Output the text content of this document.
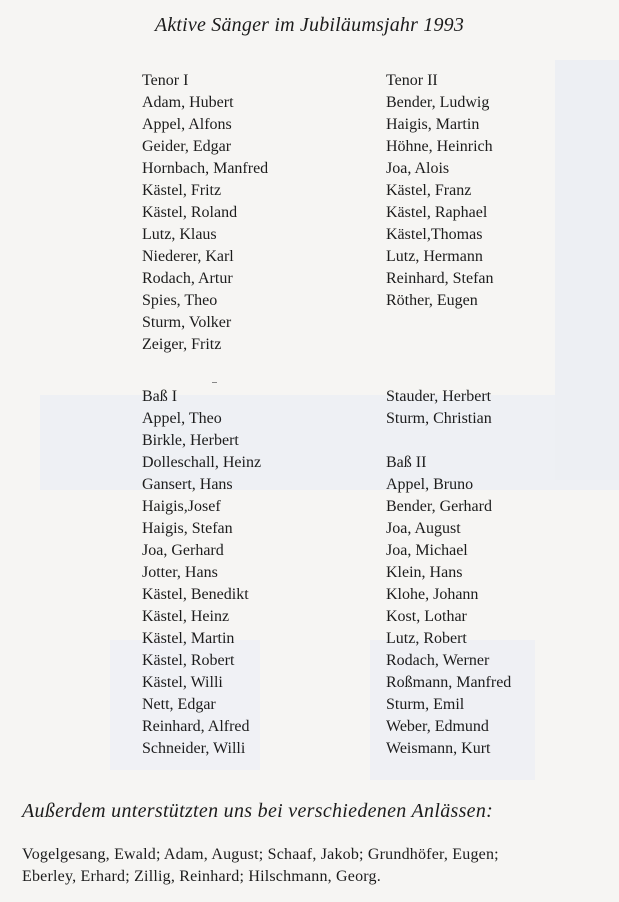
Aktive Sänger im Jubiläumsjahr 1993
Tenor I
Adam, Hubert
Appel, Alfons
Geider, Edgar
Hornbach, Manfred
Kästel, Fritz
Kästel, Roland
Lutz, Klaus
Niederer, Karl
Rodach, Artur
Spies, Theo
Sturm, Volker
Zeiger, Fritz
Tenor II
Bender, Ludwig
Haigis, Martin
Höhne, Heinrich
Joa, Alois
Kästel, Franz
Kästel, Raphael
Kästel,Thomas
Lutz, Hermann
Reinhard, Stefan
Röther, Eugen
Baß I
Appel, Theo
Birkle, Herbert
Dolleschall, Heinz
Gansert, Hans
Haigis,Josef
Haigis, Stefan
Joa, Gerhard
Jotter, Hans
Kästel, Benedikt
Kästel, Heinz
Kästel, Martin
Kästel, Robert
Kästel, Willi
Nett, Edgar
Reinhard, Alfred
Schneider, Willi
Stauder, Herbert
Sturm, Christian
Baß II
Appel, Bruno
Bender, Gerhard
Joa, August
Joa, Michael
Klein, Hans
Klohe, Johann
Kost, Lothar
Lutz, Robert
Rodach, Werner
Roßmann, Manfred
Sturm, Emil
Weber, Edmund
Weismann, Kurt
Außerdem unterstützten uns bei verschiedenen Anlässen:
Vogelgesang, Ewald; Adam, August; Schaaf, Jakob; Grundhöfer, Eugen;
Eberley, Erhard; Zillig, Reinhard; Hilschmann, Georg.
